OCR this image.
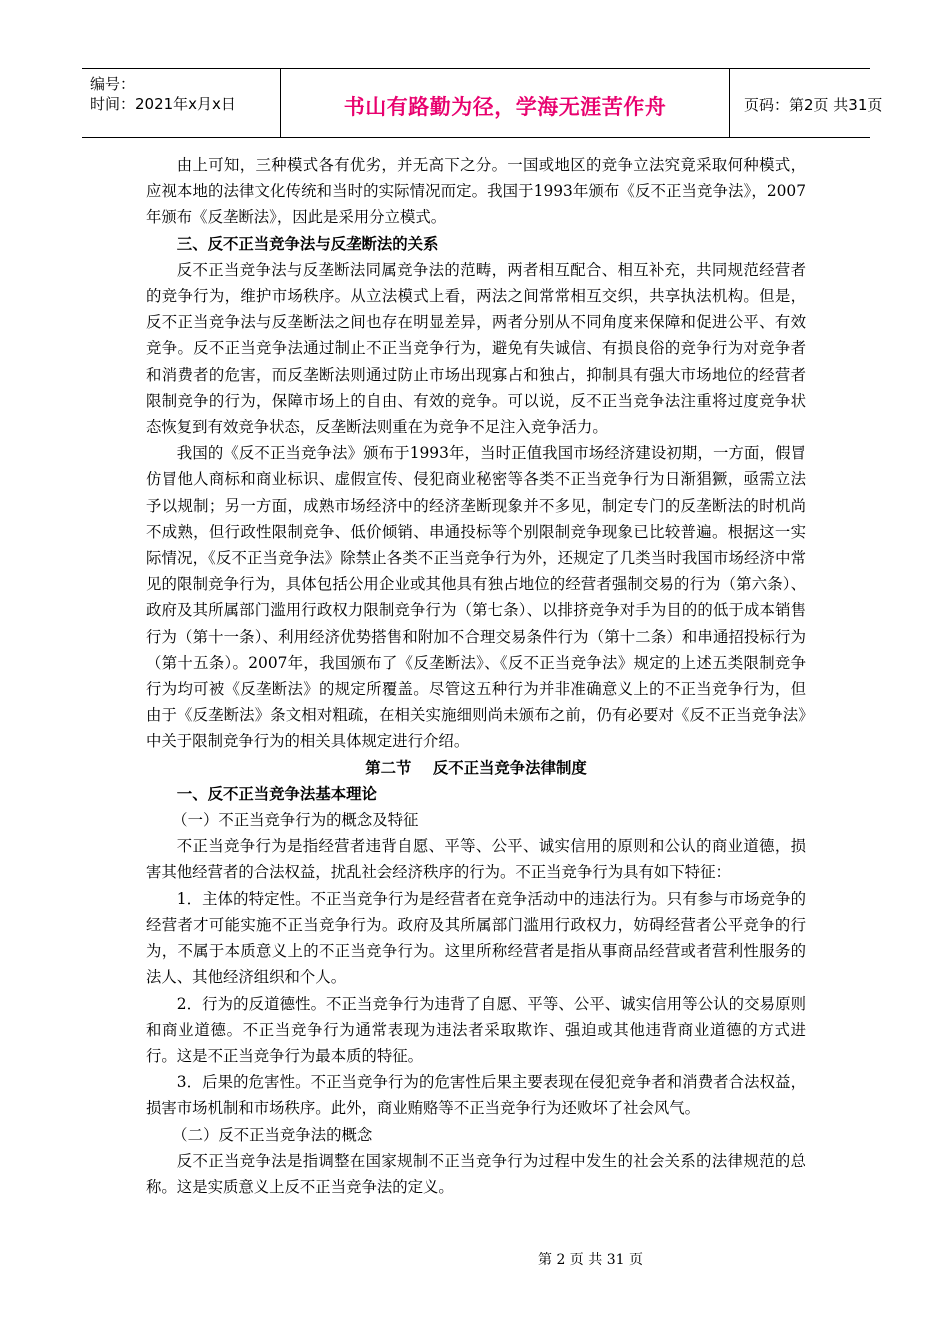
编号：
时间：2021年x月x日	书山有路勤为径，学海无涯苦作舟	页码：第2页 共31页

由上可知，三种模式各有优劣，并无高下之分。一国或地区的竞争立法究竟采取何种模式，应视本地的法律文化传统和当时的实际情况而定。我国于1993年颁布《反不正当竞争法》，2007年颁布《反垄断法》，因此是采用分立模式。

三、反不正当竞争法与反垄断法的关系

反不正当竞争法与反垄断法同属竞争法的范畴，两者相互配合、相互补充，共同规范经营者的竞争行为，维护市场秩序。从立法模式上看，两法之间常常相互交织，共享执法机构。但是，反不正当竞争法与反垄断法之间也存在明显差异，两者分别从不同角度来保障和促进公平、有效竞争。反不正当竞争法通过制止不正当竞争行为，避免有失诚信、有损良俗的竞争行为对竞争者和消费者的危害，而反垄断法则通过防止市场出现寡占和独占，抑制具有强大市场地位的经营者限制竞争的行为，保障市场上的自由、有效的竞争。可以说，反不正当竞争法注重将过度竞争状态恢复到有效竞争状态，反垄断法则重在为竞争不足注入竞争活力。

我国的《反不正当竞争法》颁布于1993年，当时正值我国市场经济建设初期，一方面，假冒仿冒他人商标和商业标识、虚假宣传、侵犯商业秘密等各类不正当竞争行为日渐猖獗，亟需立法予以规制；另一方面，成熟市场经济中的经济垄断现象并不多见，制定专门的反垄断法的时机尚不成熟，但行政性限制竞争、低价倾销、串通投标等个别限制竞争现象已比较普遍。根据这一实际情况，《反不正当竞争法》除禁止各类不正当竞争行为外，还规定了几类当时我国市场经济中常见的限制竞争行为，具体包括公用企业或其他具有独占地位的经营者强制交易的行为（第六条）、政府及其所属部门滥用行政权力限制竞争行为（第七条）、以排挤竞争对手为目的的低于成本销售行为（第十一条）、利用经济优势搭售和附加不合理交易条件行为（第十二条）和串通招投标行为（第十五条）。2007年，我国颁布了《反垄断法》、《反不正当竞争法》规定的上述五类限制竞争行为均可被《反垄断法》的规定所覆盖。尽管这五种行为并非准确意义上的不正当竞争行为，但由于《反垄断法》条文相对粗疏，在相关实施细则尚未颁布之前，仍有必要对《反不正当竞争法》中关于限制竞争行为的相关具体规定进行介绍。

第二节    反不正当竞争法律制度

一、反不正当竞争法基本理论

（一）不正当竞争行为的概念及特征

不正当竞争行为是指经营者违背自愿、平等、公平、诚实信用的原则和公认的商业道德，损害其他经营者的合法权益，扰乱社会经济秩序的行为。不正当竞争行为具有如下特征：

1．主体的特定性。不正当竞争行为是经营者在竞争活动中的违法行为。只有参与市场竞争的经营者才可能实施不正当竞争行为。政府及其所属部门滥用行政权力，妨碍经营者公平竞争的行为，不属于本质意义上的不正当竞争行为。这里所称经营者是指从事商品经营或者营利性服务的法人、其他经济组织和个人。

2．行为的反道德性。不正当竞争行为违背了自愿、平等、公平、诚实信用等公认的交易原则和商业道德。不正当竞争行为通常表现为违法者采取欺诈、强迫或其他违背商业道德的方式进行。这是不正当竞争行为最本质的特征。

3．后果的危害性。不正当竞争行为的危害性后果主要表现在侵犯竞争者和消费者合法权益，损害市场机制和市场秩序。此外，商业贿赂等不正当竞争行为还败坏了社会风气。

（二）反不正当竞争法的概念

反不正当竞争法是指调整在国家规制不正当竞争行为过程中发生的社会关系的法律规范的总称。这是实质意义上反不正当竞争法的定义。

第 2 页 共 31 页
